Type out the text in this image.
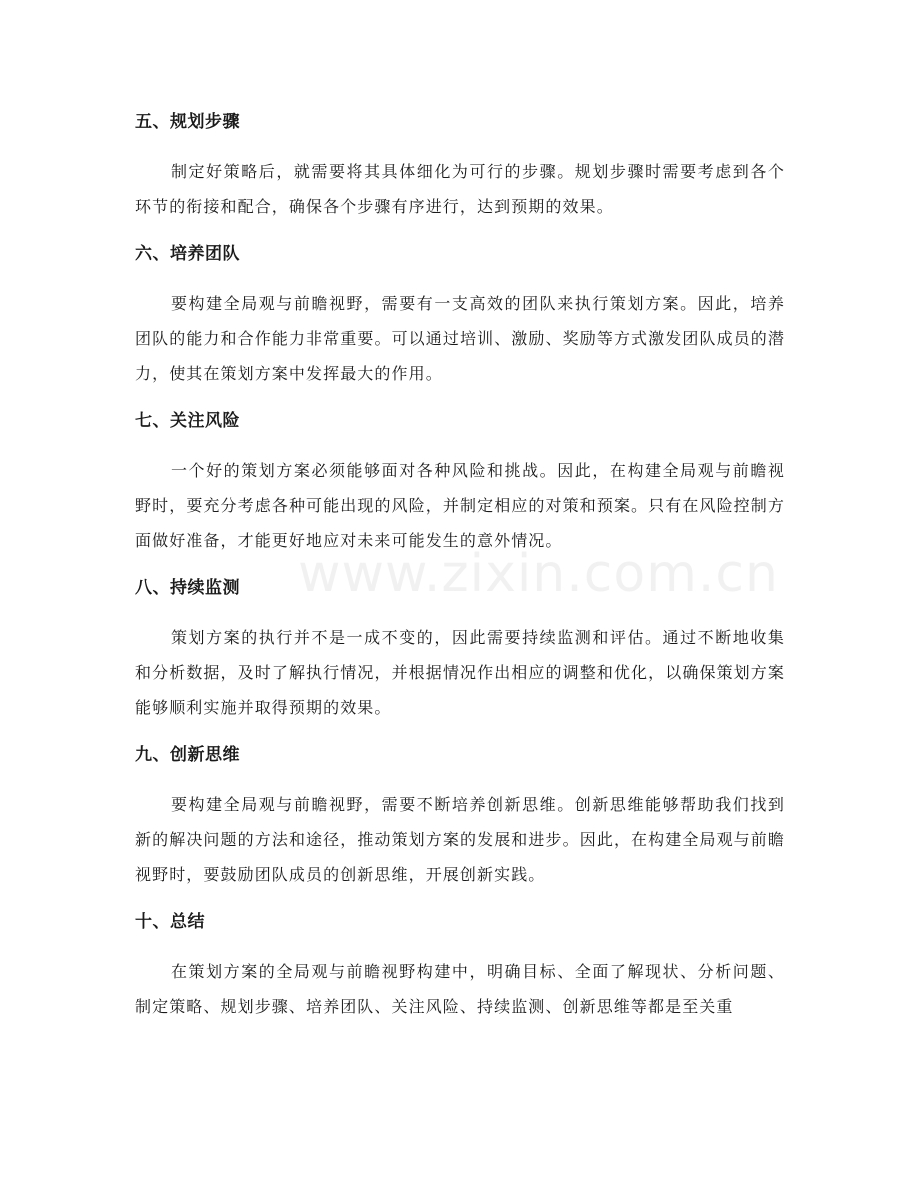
五、规划步骤

制定好策略后，就需要将其具体细化为可行的步骤。规划步骤时需要考虑到各个环节的衔接和配合，确保各个步骤有序进行，达到预期的效果。

六、培养团队

要构建全局观与前瞻视野，需要有一支高效的团队来执行策划方案。因此，培养团队的能力和合作能力非常重要。可以通过培训、激励、奖励等方式激发团队成员的潜力，使其在策划方案中发挥最大的作用。

七、关注风险

一个好的策划方案必须能够面对各种风险和挑战。因此，在构建全局观与前瞻视野时，要充分考虑各种可能出现的风险，并制定相应的对策和预案。只有在风险控制方面做好准备，才能更好地应对未来可能发生的意外情况。

八、持续监测

策划方案的执行并不是一成不变的，因此需要持续监测和评估。通过不断地收集和分析数据，及时了解执行情况，并根据情况作出相应的调整和优化，以确保策划方案能够顺利实施并取得预期的效果。

九、创新思维

要构建全局观与前瞻视野，需要不断培养创新思维。创新思维能够帮助我们找到新的解决问题的方法和途径，推动策划方案的发展和进步。因此，在构建全局观与前瞻视野时，要鼓励团队成员的创新思维，开展创新实践。

十、总结

在策划方案的全局观与前瞻视野构建中，明确目标、全面了解现状、分析问题、制定策略、规划步骤、培养团队、关注风险、持续监测、创新思维等都是至关重

www.zixin.com.cn
